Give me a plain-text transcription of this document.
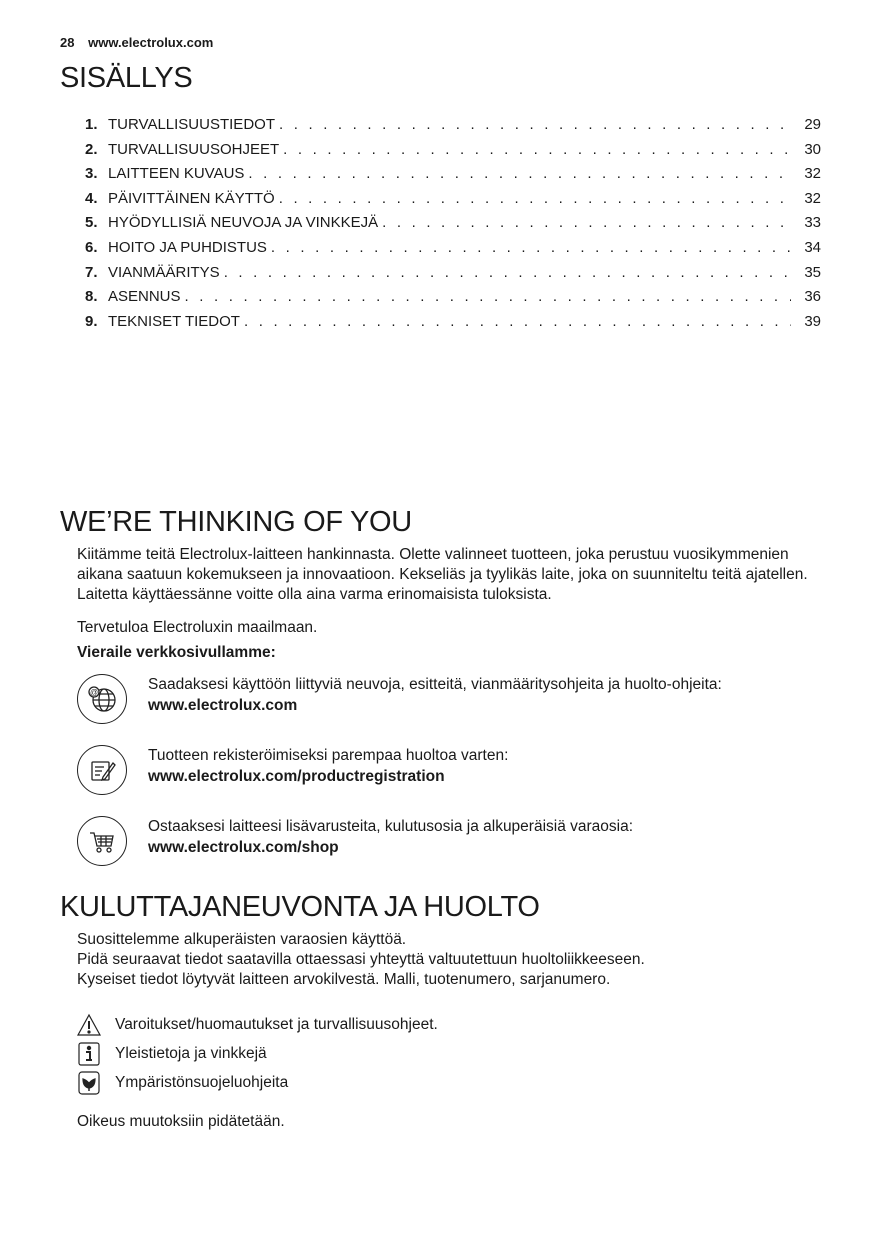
28 www.electrolux.com
SISÄLLYS
1. TURVALLISUUSTIEDOT . . .	29
2. TURVALLISUUSOHJEET . . .	30
3. LAITTEEN KUVAUS . . .	32
4. PÄIVITTÄINEN KÄYTTÖ . . .	32
5. HYÖDYLLISIÄ NEUVOJA JA VINKKEJÄ . . .	33
6. HOITO JA PUHDISTUS . . .	34
7. VIANMÄÄRITYS . . .	35
8. ASENNUS . . .	36
9. TEKNISET TIEDOT . . .	39
WE’RE THINKING OF YOU
Kiitämme teitä Electrolux-laitteen hankinnasta. Olette valinneet tuotteen, joka perustuu vuosikymmenien aikana saatuun kokemukseen ja innovaatioon. Kekseliäs ja tyylikäs laite, joka on suunniteltu teitä ajatellen. Laitetta käyttäessänne voitte olla aina varma erinomaisista tuloksista.
Tervetuloa Electroluxin maailmaan.
Vieraile verkkosivullamme:
@	Saadaksesi käyttöön liittyviä neuvoja, esitteitä, vianmääritysohjeita ja huolto-ohjeita:
www.electrolux.com
Tuotteen rekisteröimiseksi parempaa huoltoa varten:
www.electrolux.com/productregistration
Ostaaksesi laitteesi lisävarusteita, kulutusosia ja alkuperäisiä varaosia:
www.electrolux.com/shop
KULUTTAJANEUVONTA JA HUOLTO
Suosittelemme alkuperäisten varaosien käyttöä.
Pidä seuraavat tiedot saatavilla ottaessasi yhteyttä valtuutettuun huoltoliikkeeseen.
Kyseiset tiedot löytyvät laitteen arvokilvestä. Malli, tuotenumero, sarjanumero.
Varoitukset/huomautukset ja turvallisuusohjeet.
Yleistietoja ja vinkkejä
Ympäristönsuojeluohjeita
Oikeus muutoksiin pidätetään.
